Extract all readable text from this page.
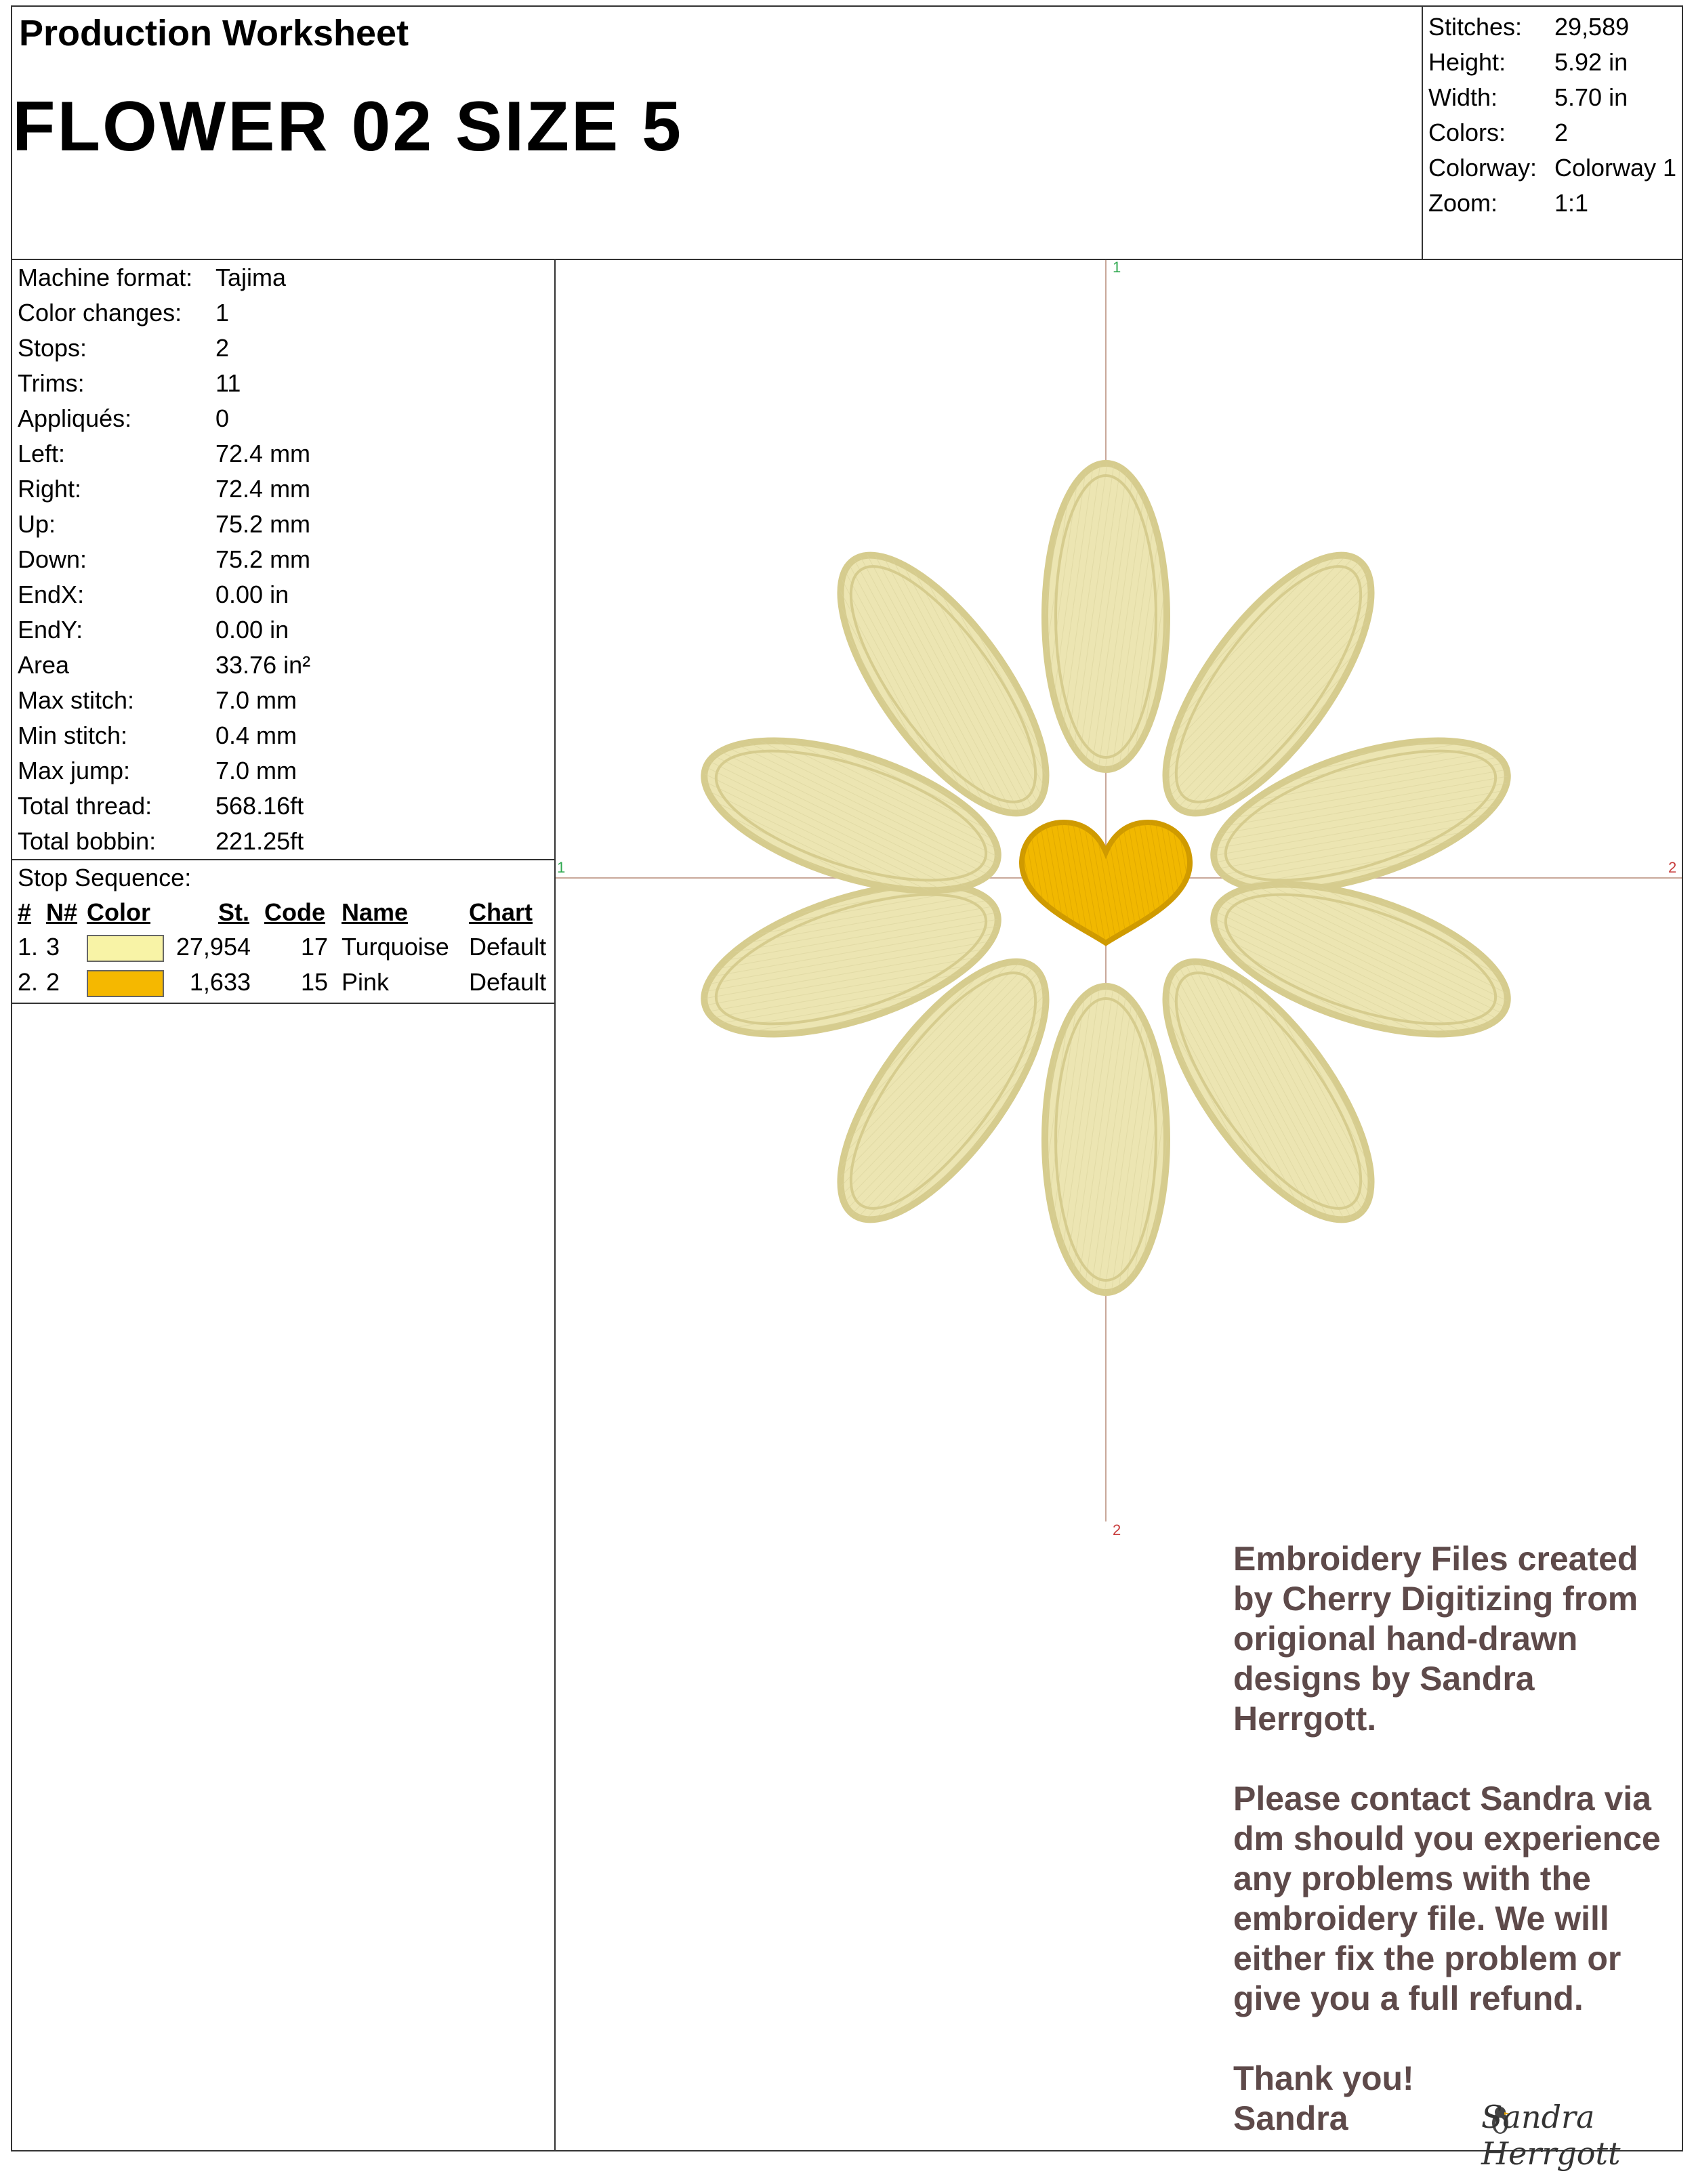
Production Worksheet
FLOWER 02 SIZE 5
Stitches:	29,589
Height:	5.92 in
Width:	5.70 in
Colors:	2
Colorway: Colorway 1
Zoom:	1:1
Machine format: Tajima
Color changes:	1
Stops:	2
Trims:	11
Appliqués:	0
Left:	72.4 mm
Right:	72.4 mm
Up:	75.2 mm
Down:	75.2 mm
EndX:	0.00 in
EndY:	0.00 in
Area	33.76 in²
Max stitch:	7.0 mm
Min stitch:	0.4 mm
Max jump:	7.0 mm
Total thread:	568.16ft
Total bobbin:	221.25ft
Stop Sequence:
#	N#	Color	St.	Code	Name	Chart
1.	3		27,954	17	Turquoise	Default
2.	2		1,633	15	Pink	Default
1
2
1	2

Embroidery Files created by Cherry Digitizing from origional hand-drawn designs by Sandra Herrgott.

Please contact Sandra via dm should you experience any problems with the embroidery file. We will either fix the problem or give you a full refund.

Thank you!
Sandra	Sandra Herrgott
